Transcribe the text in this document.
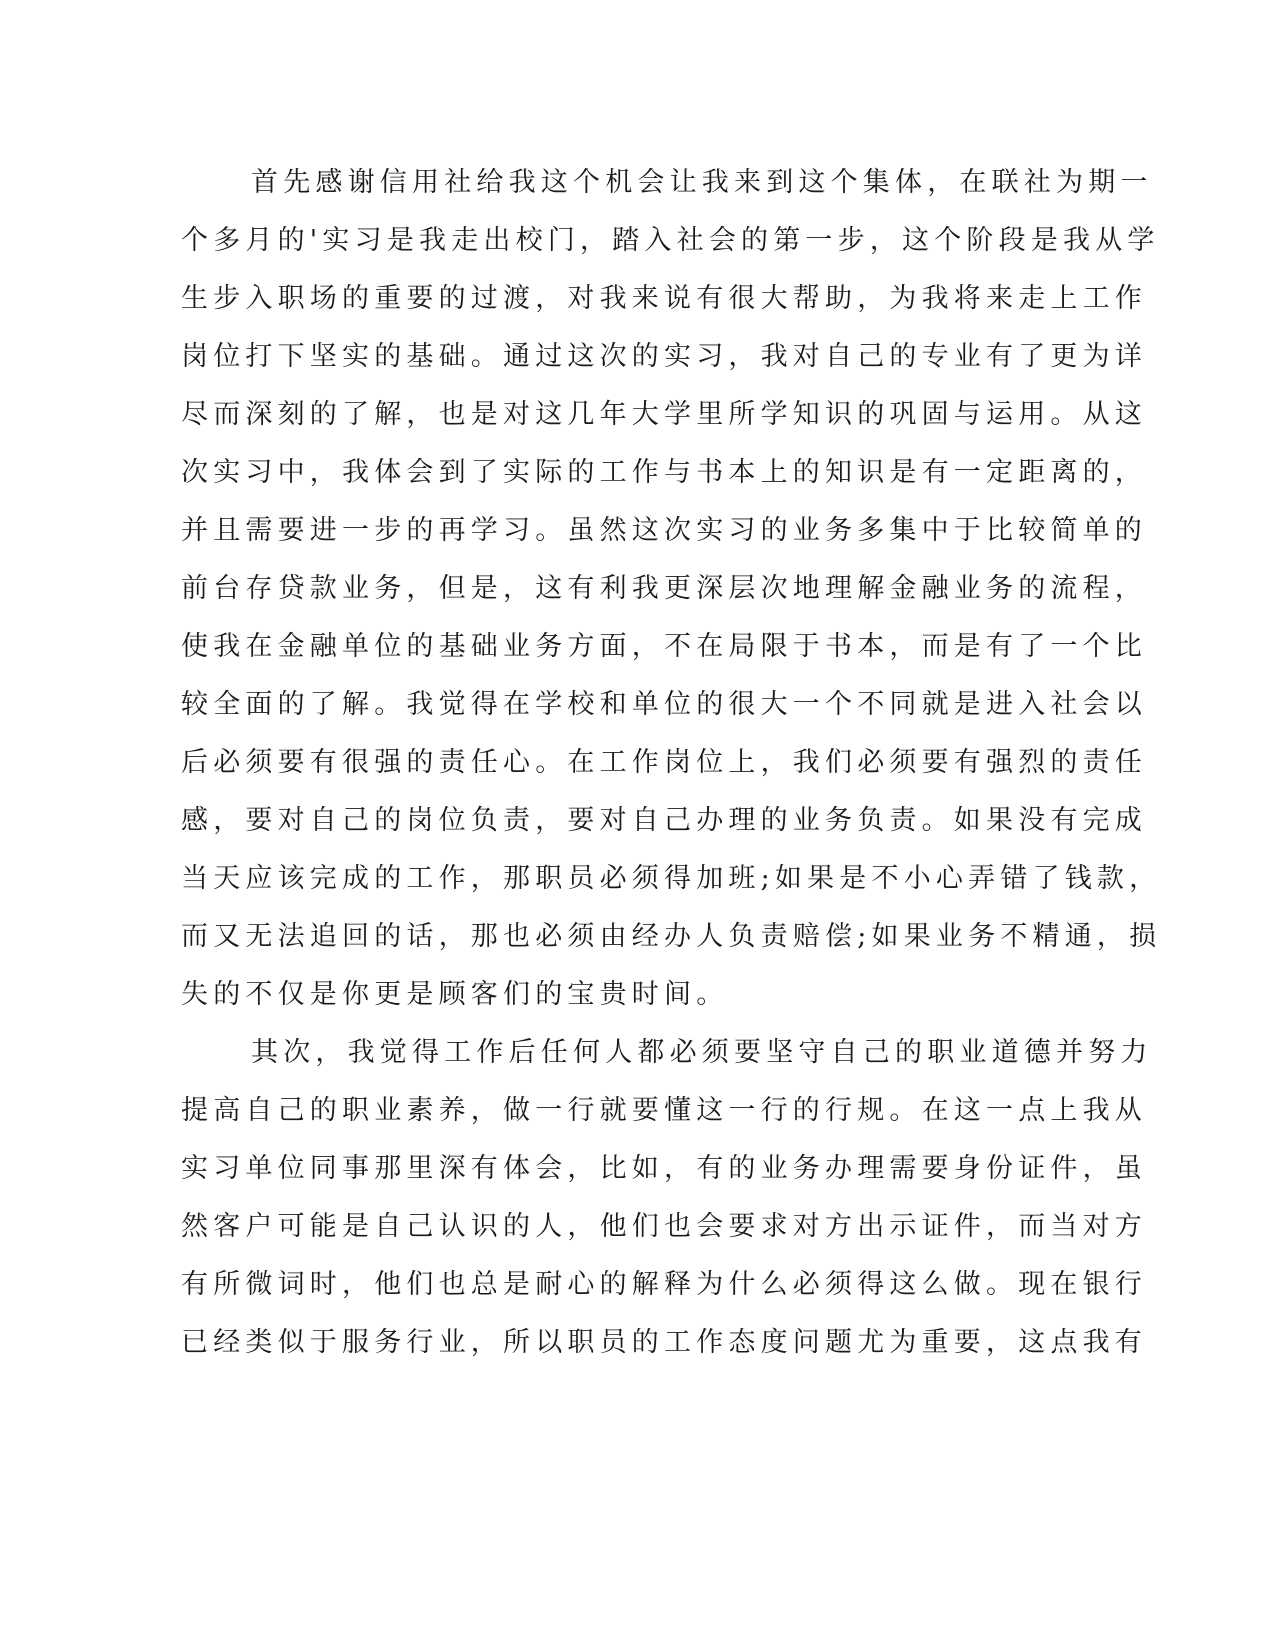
首先感谢信用社给我这个机会让我来到这个集体，在联社为期一
个多月的'实习是我走出校门，踏入社会的第一步，这个阶段是我从学
生步入职场的重要的过渡，对我来说有很大帮助，为我将来走上工作
岗位打下坚实的基础。通过这次的实习，我对自己的专业有了更为详
尽而深刻的了解，也是对这几年大学里所学知识的巩固与运用。从这
次实习中，我体会到了实际的工作与书本上的知识是有一定距离的，
并且需要进一步的再学习。虽然这次实习的业务多集中于比较简单的
前台存贷款业务，但是，这有利我更深层次地理解金融业务的流程，
使我在金融单位的基础业务方面，不在局限于书本，而是有了一个比
较全面的了解。我觉得在学校和单位的很大一个不同就是进入社会以
后必须要有很强的责任心。在工作岗位上，我们必须要有强烈的责任
感，要对自己的岗位负责，要对自己办理的业务负责。如果没有完成
当天应该完成的工作，那职员必须得加班;如果是不小心弄错了钱款，
而又无法追回的话，那也必须由经办人负责赔偿;如果业务不精通，损
失的不仅是你更是顾客们的宝贵时间。
其次，我觉得工作后任何人都必须要坚守自己的职业道德并努力
提高自己的职业素养，做一行就要懂这一行的行规。在这一点上我从
实习单位同事那里深有体会，比如，有的业务办理需要身份证件，虽
然客户可能是自己认识的人，他们也会要求对方出示证件，而当对方
有所微词时，他们也总是耐心的解释为什么必须得这么做。现在银行
已经类似于服务行业，所以职员的工作态度问题尤为重要，这点我有
